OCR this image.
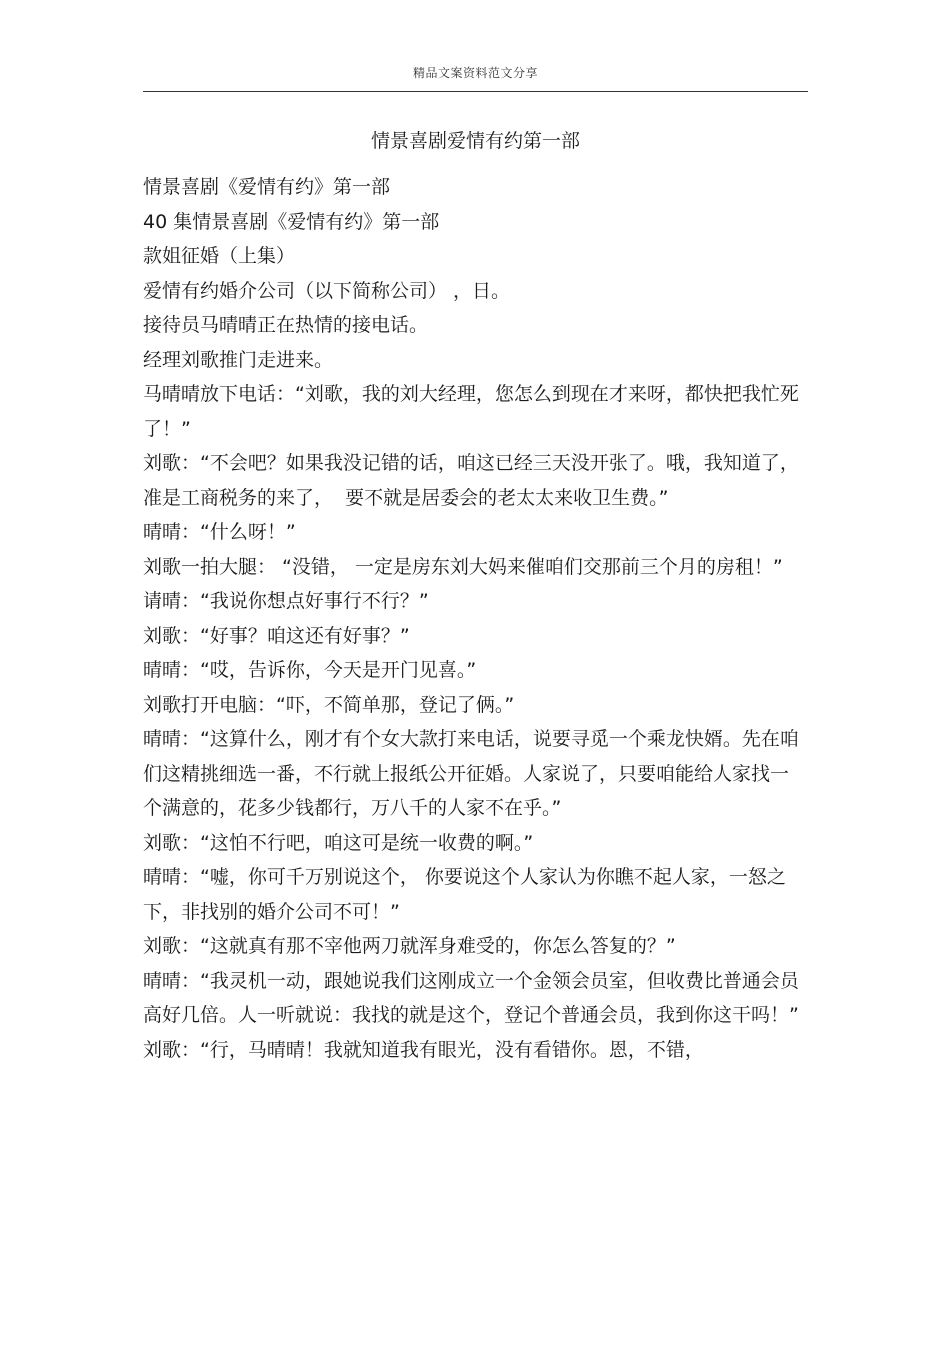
精品文案资料范文分享
情景喜剧爱情有约第一部

情景喜剧《爱情有约》第一部

40 集情景喜剧《爱情有约》第一部

款姐征婚（上集）

爱情有约婚介公司（以下简称公司） ，日。

接待员马晴晴正在热情的接电话。

经理刘歌推门走进来。

马晴晴放下电话：“刘歌，我的刘大经理，您怎么到现在才来呀，都快把我忙死了！”

刘歌：“不会吧？如果我没记错的话，咱这已经三天没开张了。哦，我知道了， 准是工商税务的来了，  要不就是居委会的老太太来收卫生费。”

晴晴：“什么呀！”

刘歌一拍大腿： “没错， 一定是房东刘大妈来催咱们交那前三个月的房租！”

请晴：“我说你想点好事行不行？”

刘歌：“好事？咱这还有好事？”

晴晴：“哎，告诉你，今天是开门见喜。”

刘歌打开电脑：“吓，不简单那，登记了俩。”

晴晴：“这算什么，刚才有个女大款打来电话，说要寻觅一个乘龙快婿。先在咱们这精挑细选一番，不行就上报纸公开征婚。人家说了，只要咱能给人家找一个满意的，花多少钱都行，万八千的人家不在乎。”

刘歌：“这怕不行吧，咱这可是统一收费的啊。”

晴晴：“嘘，你可千万别说这个， 你要说这个人家认为你瞧不起人家，一怒之下，非找别的婚介公司不可！”

刘歌：“这就真有那不宰他两刀就浑身难受的，你怎么答复的？”

晴晴：“我灵机一动，跟她说我们这刚成立一个金领会员室，但收费比普通会员高好几倍。人一听就说：我找的就是这个，登记个普通会员，我到你这干吗！”

刘歌：“行，马晴晴！我就知道我有眼光，没有看错你。恩，不错，
